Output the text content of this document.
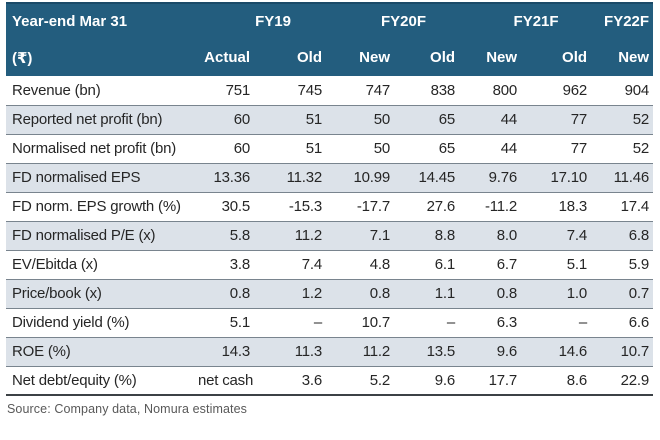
Year-end Mar 31	FY19		FY20F		FY21F		FY22F
(₹)	Actual	Old	New	Old	New	Old	New
Revenue (bn)	751	745	747	838	800	962	904
Reported net profit (bn)	60	51	50	65	44	77	52
Normalised net profit (bn)	60	51	50	65	44	77	52
FD normalised EPS	13.36	11.32	10.99	14.45	9.76	17.10	11.46
FD norm. EPS growth (%)	30.5	-15.3	-17.7	27.6	-11.2	18.3	17.4
FD normalised P/E (x)	5.8	11.2	7.1	8.8	8.0	7.4	6.8
EV/Ebitda (x)	3.8	7.4	4.8	6.1	6.7	5.1	5.9
Price/book (x)	0.8	1.2	0.8	1.1	0.8	1.0	0.7
Dividend yield (%)	5.1	–	10.7	–	6.3	–	6.6
ROE (%)	14.3	11.3	11.2	13.5	9.6	14.6	10.7
Net debt/equity (%)	net cash	3.6	5.2	9.6	17.7	8.6	22.9
Source: Company data, Nomura estimates
